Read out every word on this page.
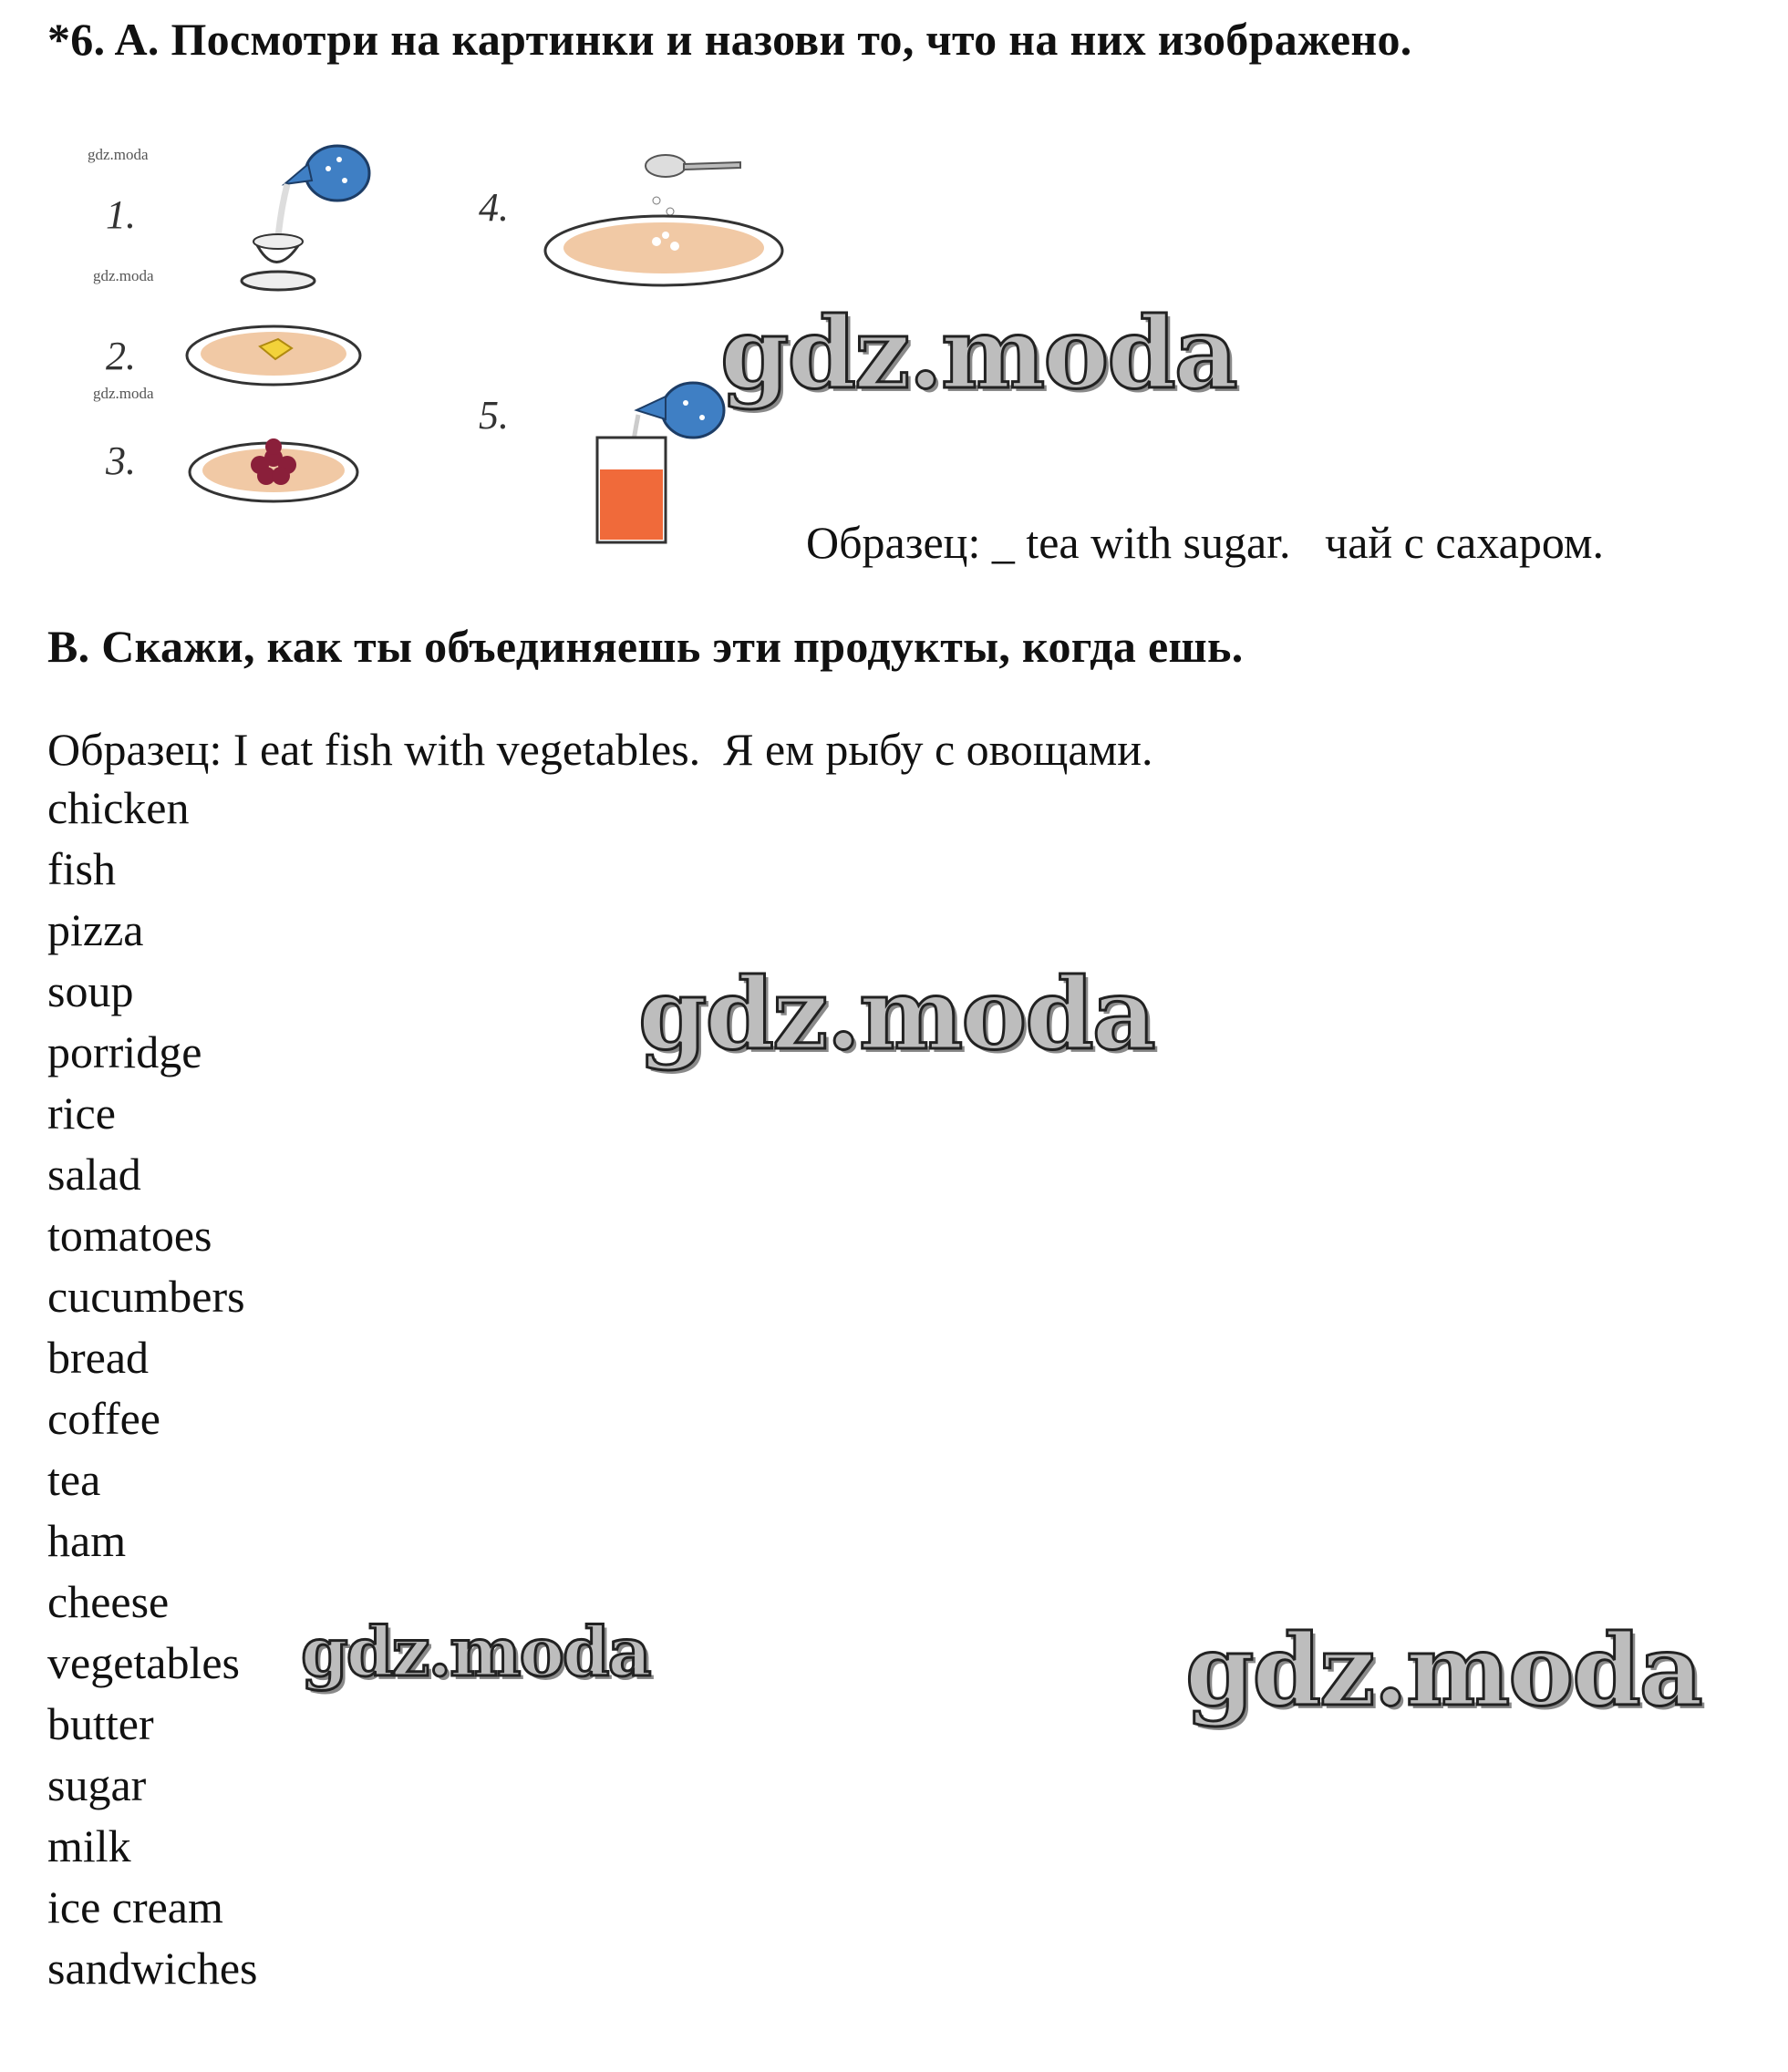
*6. A. Посмотри на картинки и назови то, что на них изображено.
gdz.moda
gdz.moda
gdz.moda
1.
2.
3.
4.
5.
Образец: _ tea with sugar.   чай с сахаром.
B. Скажи, как ты объединяешь эти продукты, когда ешь.
Образец: I eat fish with vegetables.  Я ем рыбу с овощами.
chicken
fish
pizza
soup
porridge
rice
salad
tomatoes
cucumbers
bread
coffee
tea
ham
cheese
vegetables
butter
sugar
milk
ice cream
sandwiches
gdz.moda
gdz.moda
gdz.moda	gdz.moda
